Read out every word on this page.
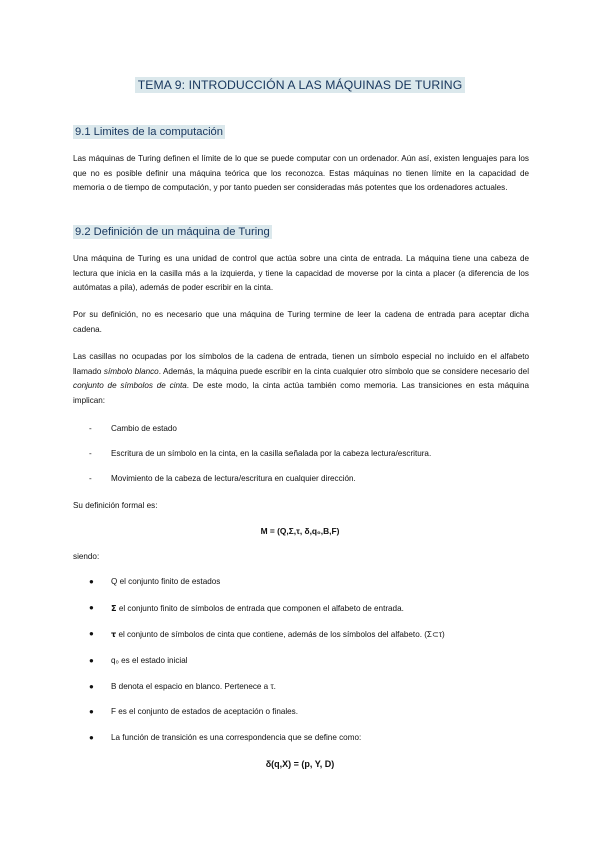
TEMA 9: INTRODUCCIÓN A LAS MÁQUINAS DE TURING
9.1 Limites de la computación

Las máquinas de Turing definen el límite de lo que se puede computar con un ordenador. Aún así, existen lenguajes para los que no es posible definir una máquina teórica que los reconozca. Estas máquinas no tienen límite en la capacidad de memoria o de tiempo de computación, y por tanto pueden ser consideradas más potentes que los ordenadores actuales.

9.2 Definición de un máquina de Turing

Una máquina de Turing es una unidad de control que actúa sobre una cinta de entrada. La máquina tiene una cabeza de lectura que inicia en la casilla más a la izquierda, y tiene la capacidad de moverse por la cinta a placer (a diferencia de los autómatas a pila), además de poder escribir en la cinta.

Por su definición, no es necesario que una máquina de Turing termine de leer la cadena de entrada para aceptar dicha cadena.

Las casillas no ocupadas por los símbolos de la cadena de entrada, tienen un símbolo especial no incluido en el alfabeto llamado símbolo blanco. Además, la máquina puede escribir en la cinta cualquier otro símbolo que se considere necesario del conjunto de símbolos de cinta. De este modo, la cinta actúa también como memoria. Las transiciones en esta máquina implican:

- Cambio de estado
- Escritura de un símbolo en la cinta, en la casilla señalada por la cabeza lectura/escritura.
- Movimiento de la cabeza de lectura/escritura en cualquier dirección.

Su definición formal es:

M = (Q,Σ,τ, δ,q₀,B,F)

siendo:

● Q el conjunto finito de estados
● Σ el conjunto finito de símbolos de entrada que componen el alfabeto de entrada.
● τ el conjunto de símbolos de cinta que contiene, además de los símbolos del alfabeto. (Σ⊂τ)
● q₀ es el estado inicial
● B denota el espacio en blanco. Pertenece a τ.
● F es el conjunto de estados de aceptación o finales.
● La función de transición es una correspondencia que se define como:
δ(q,X) = (p, Y, D)
